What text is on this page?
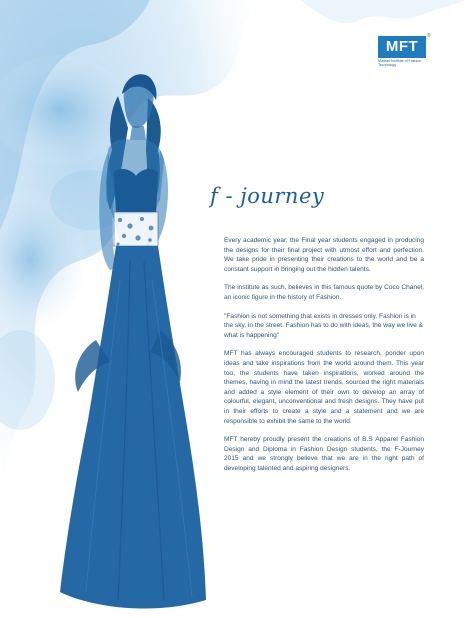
MFT
®
Madras Institute of Fashion Technology
f - journey

Every academic year, the Final year students engaged in producing the designs for their final project with utmost effort and perfection. We take pride in presenting their creations to the world and be a constant support in bringing out the hidden talents.

The institute as such, believes in this famous quote by Coco Chanel, an iconic figure in the history of Fashion.

"Fashion is not something that exists in dresses only. Fashion is in the sky, in the street. Fashion has to do with ideas, the way we live & what is happening"

MFT has always encouraged students to research, ponder upon ideas and take inspirations from the world around them. This year too, the students have taken inspirations, worked around the themes, having in mind the latest trends, sourced the right materials and added a style element of their own to develop an array of colourful, elegant, unconventional and fresh designs. They have put in their efforts to create a style and a statement and we are responsible to exhibit the same to the world.

MFT hereby proudly present the creations of B.S Apparel Fashion Design and Diploma in Fashion Design students, the F-Journey 2015 and we strongly believe that we are in the right path of developing talented and aspiring designers.
